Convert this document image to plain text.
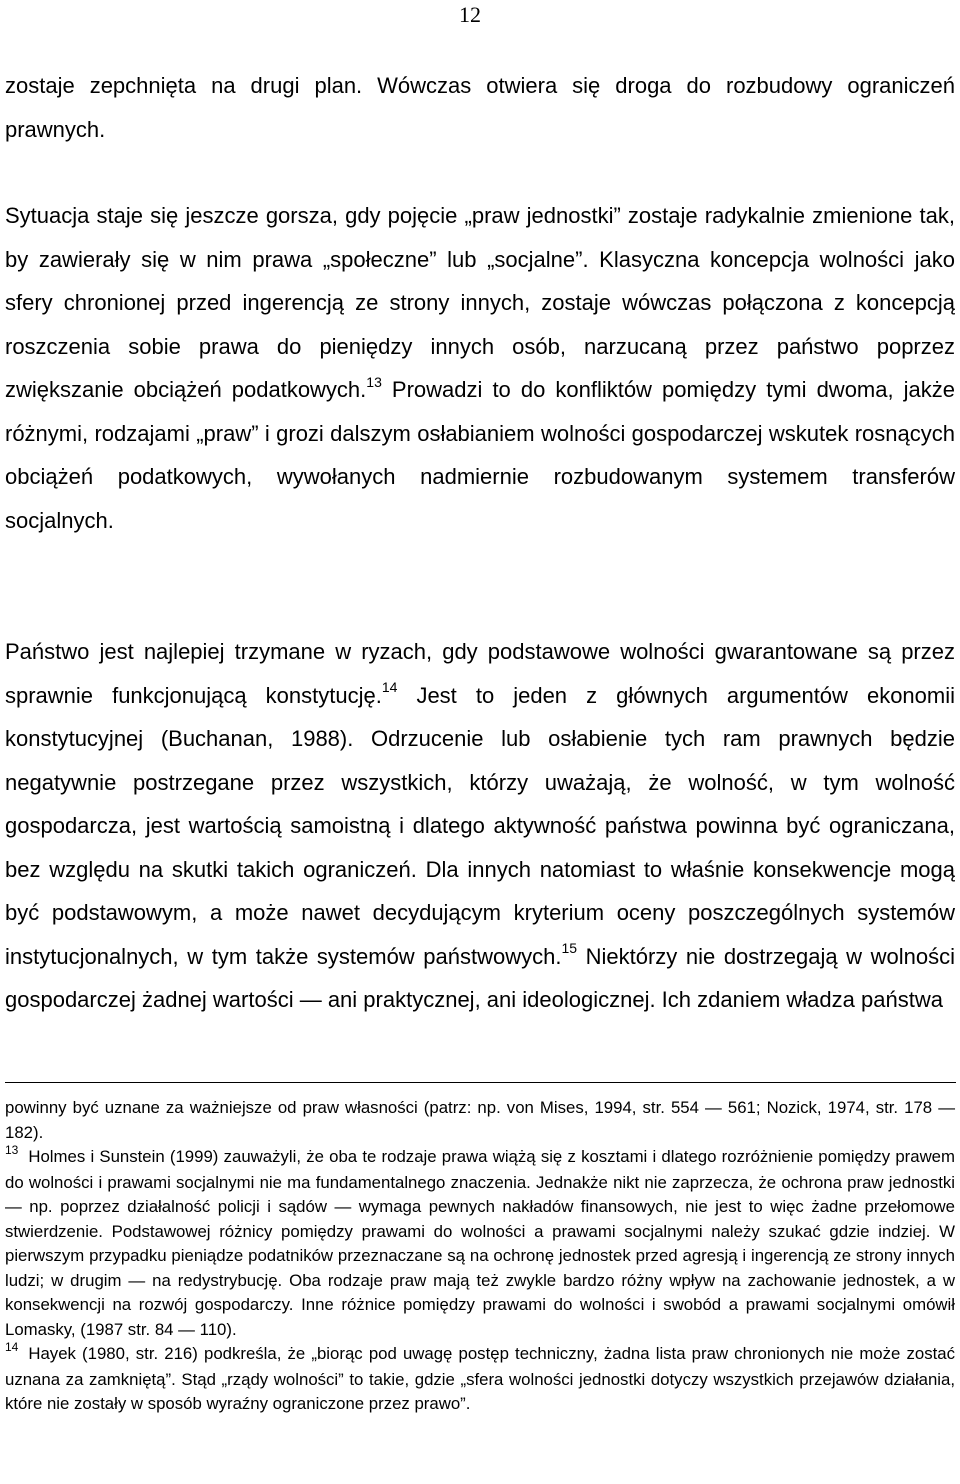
12

zostaje zepchnięta na drugi plan. Wówczas otwiera się droga do rozbudowy ograniczeń prawnych.

Sytuacja staje się jeszcze gorsza, gdy pojęcie „praw jednostki” zostaje radykalnie zmienione tak, by zawierały się w nim prawa „społeczne” lub „socjalne”. Klasyczna koncepcja wolności jako sfery chronionej przed ingerencją ze strony innych, zostaje wówczas połączona z koncepcją roszczenia sobie prawa do pieniędzy innych osób, narzucaną przez państwo poprzez zwiększanie obciążeń podatkowych.$^{13}$ Prowadzi to do konfliktów pomiędzy tymi dwoma, jakże różnymi, rodzajami „praw” i grozi dalszym osłabianiem wolności gospodarczej wskutek rosnących obciążeń podatkowych, wywołanych nadmiernie rozbudowanym systemem transferów socjalnych.

Państwo jest najlepiej trzymane w ryzach, gdy podstawowe wolności gwarantowane są przez sprawnie funkcjonującą konstytucję.$^{14}$ Jest to jeden z głównych argumentów ekonomii konstytucyjnej (Buchanan, 1988). Odrzucenie lub osłabienie tych ram prawnych będzie negatywnie postrzegane przez wszystkich, którzy uważają, że wolność, w tym wolność gospodarcza, jest wartością samoistną i dlatego aktywność państwa powinna być ograniczana, bez względu na skutki takich ograniczeń. Dla innych natomiast to właśnie konsekwencje mogą być podstawowym, a może nawet decydującym kryterium oceny poszczególnych systemów instytucjonalnych, w tym także systemów państwowych.$^{15}$ Niektórzy nie dostrzegają w wolności gospodarczej żadnej wartości — ani praktycznej, ani ideologicznej. Ich zdaniem władza państwa

powinny być uznane za ważniejsze od praw własności (patrz: np. von Mises, 1994, str. 554 — 561; Nozick, 1974, str. 178 — 182).

$^{13}$ Holmes i Sunstein (1999) zauważyli, że oba te rodzaje prawa wiążą się z kosztami i dlatego rozróżnienie pomiędzy prawem do wolności i prawami socjalnymi nie ma fundamentalnego znaczenia. Jednakże nikt nie zaprzecza, że ochrona praw jednostki — np. poprzez działalność policji i sądów — wymaga pewnych nakładów finansowych, nie jest to więc żadne przełomowe stwierdzenie. Podstawowej różnicy pomiędzy prawami do wolności a prawami socjalnymi należy szukać gdzie indziej. W pierwszym przypadku pieniądze podatników przeznaczane są na ochronę jednostek przed agresją i ingerencją ze strony innych ludzi; w drugim — na redystrybucję. Oba rodzaje praw mają też zwykle bardzo różny wpływ na zachowanie jednostek, a w konsekwencji na rozwój gospodarczy. Inne różnice pomiędzy prawami do wolności i swobód a prawami socjalnymi omówił Lomasky, (1987 str. 84 — 110).

$^{14}$ Hayek (1980, str. 216) podkreśla, że „biorąc pod uwagę postęp techniczny, żadna lista praw chronionych nie może zostać uznana za zamkniętą”. Stąd „rządy wolności” to takie, gdzie „sfera wolności jednostki dotyczy wszystkich przejawów działania, które nie zostały w sposób wyraźny ograniczone przez prawo”.
